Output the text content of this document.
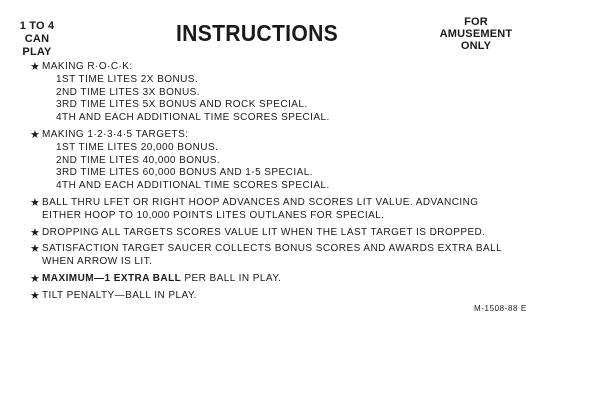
1 TO 4
CAN PLAY
INSTRUCTIONS	FOR
AMUSEMENT
ONLY
★ MAKING R·O·C·K:
1ST TIME LITES 2X BONUS.
2ND TIME LITES 3X BONUS.
3RD TIME LITES 5X BONUS AND ROCK SPECIAL.
4TH AND EACH ADDITIONAL TIME SCORES SPECIAL.
★ MAKING 1·2·3·4·5 TARGETS:
1ST TIME LITES 20,000 BONUS.
2ND TIME LITES 40,000 BONUS.
3RD TIME LITES 60,000 BONUS AND 1-5 SPECIAL.
4TH AND EACH ADDITIONAL TIME SCORES SPECIAL.
★ BALL THRU LFET OR RIGHT HOOP ADVANCES AND SCORES LIT VALUE. ADVANCING
EITHER HOOP TO 10,000 POINTS LITES OUTLANES FOR SPECIAL.
★ DROPPING ALL TARGETS SCORES VALUE LIT WHEN THE LAST TARGET IS DROPPED.
★ SATISFACTION TARGET SAUCER COLLECTS BONUS SCORES AND AWARDS EXTRA BALL
WHEN ARROW IS LIT.
★ MAXIMUM—1 EXTRA BALL PER BALL IN PLAY.
★ TILT PENALTY—BALL IN PLAY.
M-1508-88 E
